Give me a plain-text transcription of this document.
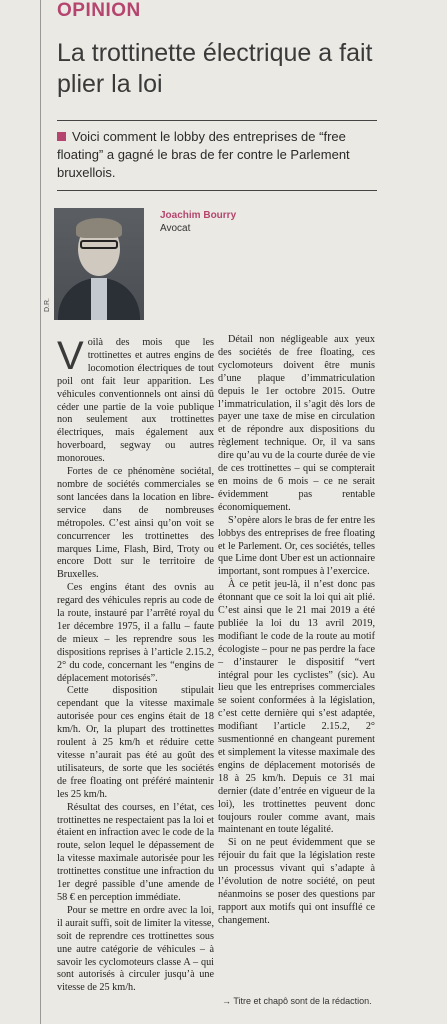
OPINION
La trottinette électrique a fait plier la loi
Voici comment le lobby des entreprises de “free floating” a gagné le bras de fer contre le Parlement bruxellois.
D.R.
Joachim Bourry
Avocat

Voilà des mois que les trottinettes et autres engins de locomotion électriques de tout poil ont fait leur apparition. Les véhicules conventionnels ont ainsi dû céder une partie de la voie publique non seulement aux trottinettes électriques, mais également aux hoverboard, segway ou autres monoroues.

Fortes de ce phénomène sociétal, nombre de sociétés commerciales se sont lancées dans la location en libre-service dans de nombreuses métropoles. C’est ainsi qu’on voit se concurrencer les trottinettes des marques Lime, Flash, Bird, Troty ou encore Dott sur le territoire de Bruxelles.

Ces engins étant des ovnis au regard des véhicules repris au code de la route, instauré par l’arrêté royal du 1er décembre 1975, il a fallu – faute de mieux – les reprendre sous les dispositions reprises à l’article 2.15.2, 2° du code, concernant les “engins de déplacement motorisés”.

Cette disposition stipulait cependant que la vitesse maximale autorisée pour ces engins était de 18 km/h. Or, la plupart des trottinettes roulent à 25 km/h et réduire cette vitesse n’aurait pas été au goût des utilisateurs, de sorte que les sociétés de free floating ont préféré maintenir les 25 km/h.

Résultat des courses, en l’état, ces trottinettes ne respectaient pas la loi et étaient en infraction avec le code de la route, selon lequel le dépassement de la vitesse maximale autorisée pour les trottinettes constitue une infraction du 1er degré passible d’une amende de 58 € en perception immédiate.

Pour se mettre en ordre avec la loi, il aurait suffi, soit de limiter la vitesse, soit de reprendre ces trottinettes sous une autre catégorie de véhicules – à savoir les cyclomoteurs classe A – qui sont autorisés à circuler jusqu’à une vitesse de 25 km/h.

Détail non négligeable aux yeux des sociétés de free floating, ces cyclomoteurs doivent être munis d’une plaque d’immatriculation depuis le 1er octobre 2015. Outre l’immatriculation, il s’agit dès lors de payer une taxe de mise en circulation et de répondre aux dispositions du règlement technique. Or, il va sans dire qu’au vu de la courte durée de vie de ces trottinettes – qui se compterait en moins de 6 mois – ce ne serait évidemment pas rentable économiquement.

S’opère alors le bras de fer entre les lobbys des entreprises de free floating et le Parlement. Or, ces sociétés, telles que Lime dont Uber est un actionnaire important, sont rompues à l’exercice.

À ce petit jeu-là, il n’est donc pas étonnant que ce soit la loi qui ait plié. C’est ainsi que le 21 mai 2019 a été publiée la loi du 13 avril 2019, modifiant le code de la route au motif écologiste – pour ne pas perdre la face – d’instaurer le dispositif “vert intégral pour les cyclistes” (sic). Au lieu que les entreprises commerciales se soient conformées à la législation, c’est cette dernière qui s’est adaptée, modifiant l’article 2.15.2, 2° susmentionné en changeant purement et simplement la vitesse maximale des engins de déplacement motorisés de 18 à 25 km/h. Depuis ce 31 mai dernier (date d’entrée en vigueur de la loi), les trottinettes peuvent donc toujours rouler comme avant, mais maintenant en toute légalité.

Si on ne peut évidemment que se réjouir du fait que la législation reste un processus vivant qui s’adapte à l’évolution de notre société, on peut néanmoins se poser des questions par rapport aux motifs qui ont insufflé ce changement.

→ Titre et chapô sont de la rédaction.
